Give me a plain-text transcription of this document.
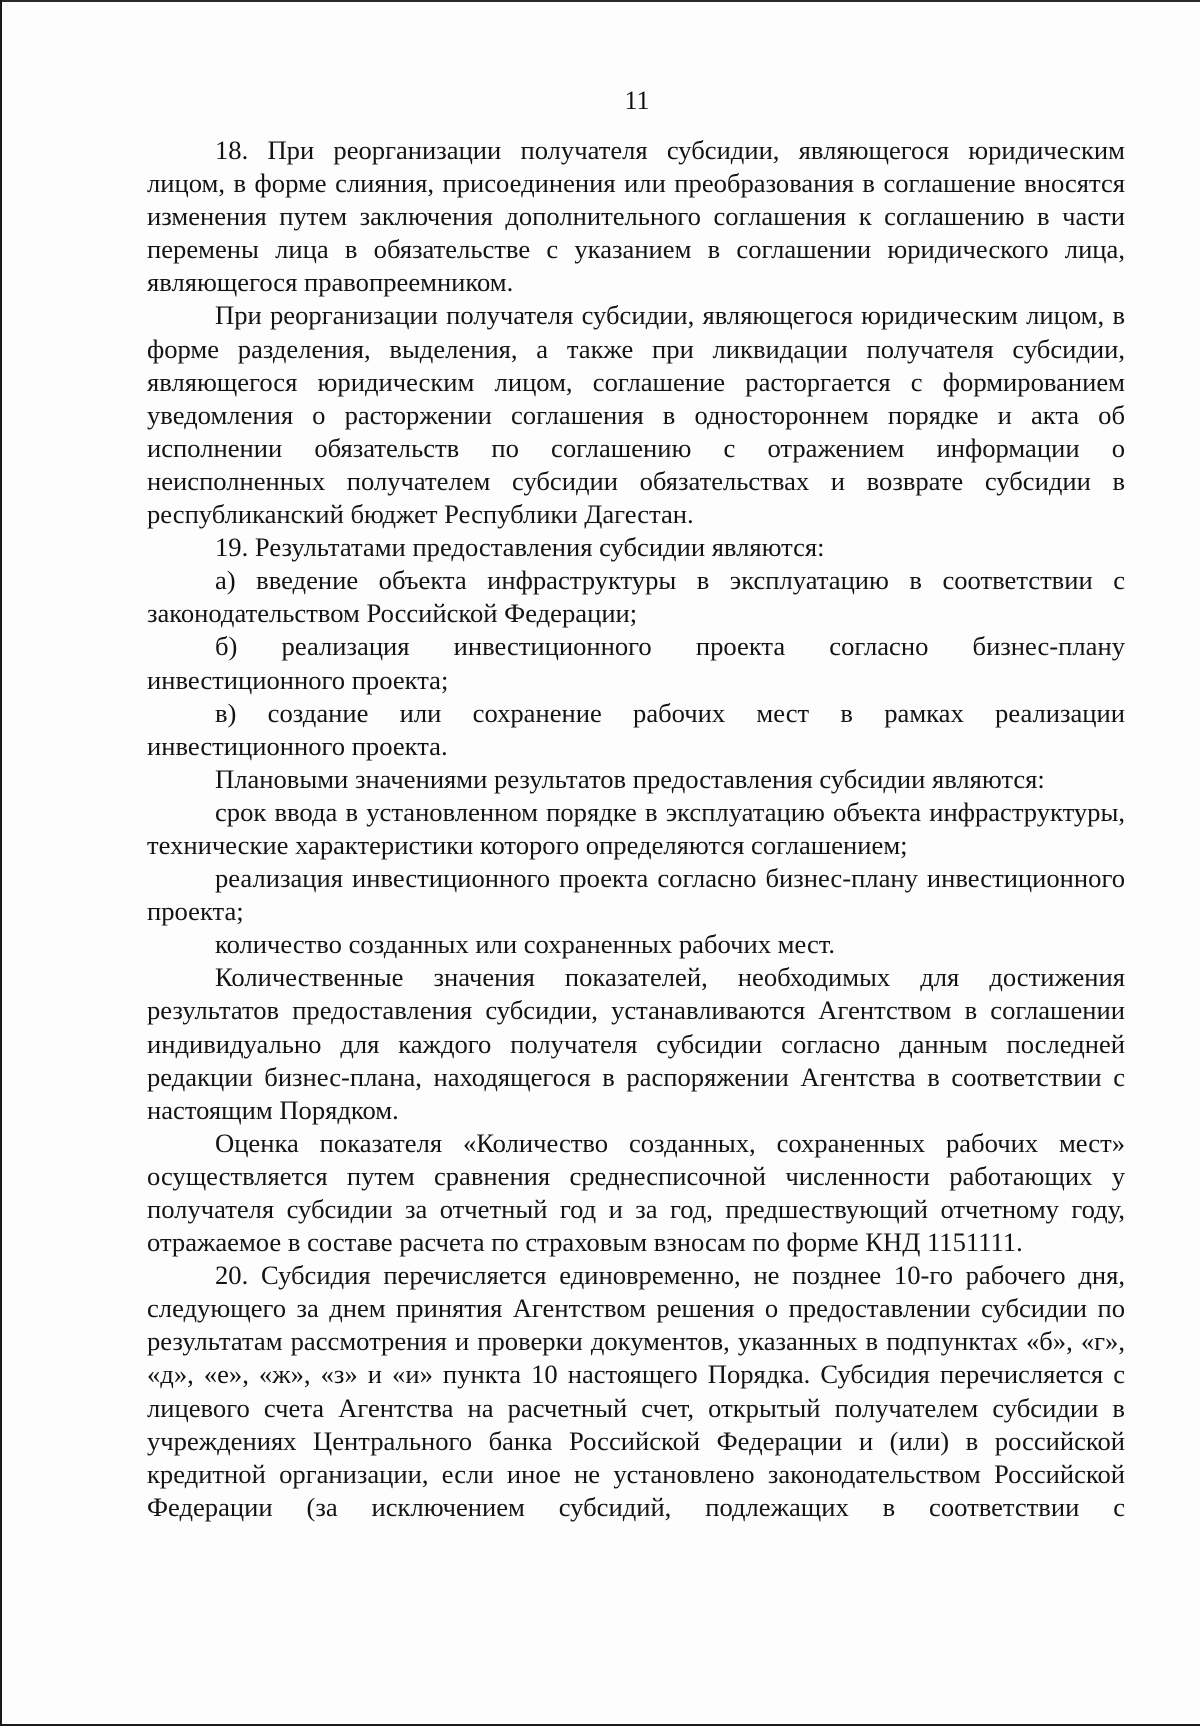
11

18. При реорганизации получателя субсидии, являющегося юридическим лицом, в форме слияния, присоединения или преобразования в соглашение вносятся изменения путем заключения дополнительного соглашения к соглашению в части перемены лица в обязательстве с указанием в соглашении юридического лица, являющегося правопреемником.

При реорганизации получателя субсидии, являющегося юридическим лицом, в форме разделения, выделения, а также при ликвидации получателя субсидии, являющегося юридическим лицом, соглашение расторгается с формированием уведомления о расторжении соглашения в одностороннем порядке и акта об исполнении обязательств по соглашению с отражением информации о неисполненных получателем субсидии обязательствах и возврате субсидии в республиканский бюджет Республики Дагестан.

19. Результатами предоставления субсидии являются:

а) введение объекта инфраструктуры в эксплуатацию в соответствии с законодательством Российской Федерации;

б) реализация инвестиционного проекта согласно бизнес-плану инвестиционного проекта;

в) создание или сохранение рабочих мест в рамках реализации инвестиционного проекта.

Плановыми значениями результатов предоставления субсидии являются:

срок ввода в установленном порядке в эксплуатацию объекта инфраструктуры, технические характеристики которого определяются соглашением;

реализация инвестиционного проекта согласно бизнес-плану инвестиционного проекта;

количество созданных или сохраненных рабочих мест.

Количественные значения показателей, необходимых для достижения результатов предоставления субсидии, устанавливаются Агентством в соглашении индивидуально для каждого получателя субсидии согласно данным последней редакции бизнес-плана, находящегося в распоряжении Агентства в соответствии с настоящим Порядком.

Оценка показателя «Количество созданных, сохраненных рабочих мест» осуществляется путем сравнения среднесписочной численности работающих у получателя субсидии за отчетный год и за год, предшествующий отчетному году, отражаемое в составе расчета по страховым взносам по форме КНД 1151111.

20. Субсидия перечисляется единовременно, не позднее 10-го рабочего дня, следующего за днем принятия Агентством решения о предоставлении субсидии по результатам рассмотрения и проверки документов, указанных в подпунктах «б», «г», «д», «е», «ж», «з» и «и» пункта 10 настоящего Порядка. Субсидия перечисляется с лицевого счета Агентства на расчетный счет, открытый получателем субсидии в учреждениях Центрального банка Российской Федерации и (или) в российской кредитной организации, если иное не установлено законодательством Российской Федерации (за исключением субсидий, подлежащих в соответствии с
